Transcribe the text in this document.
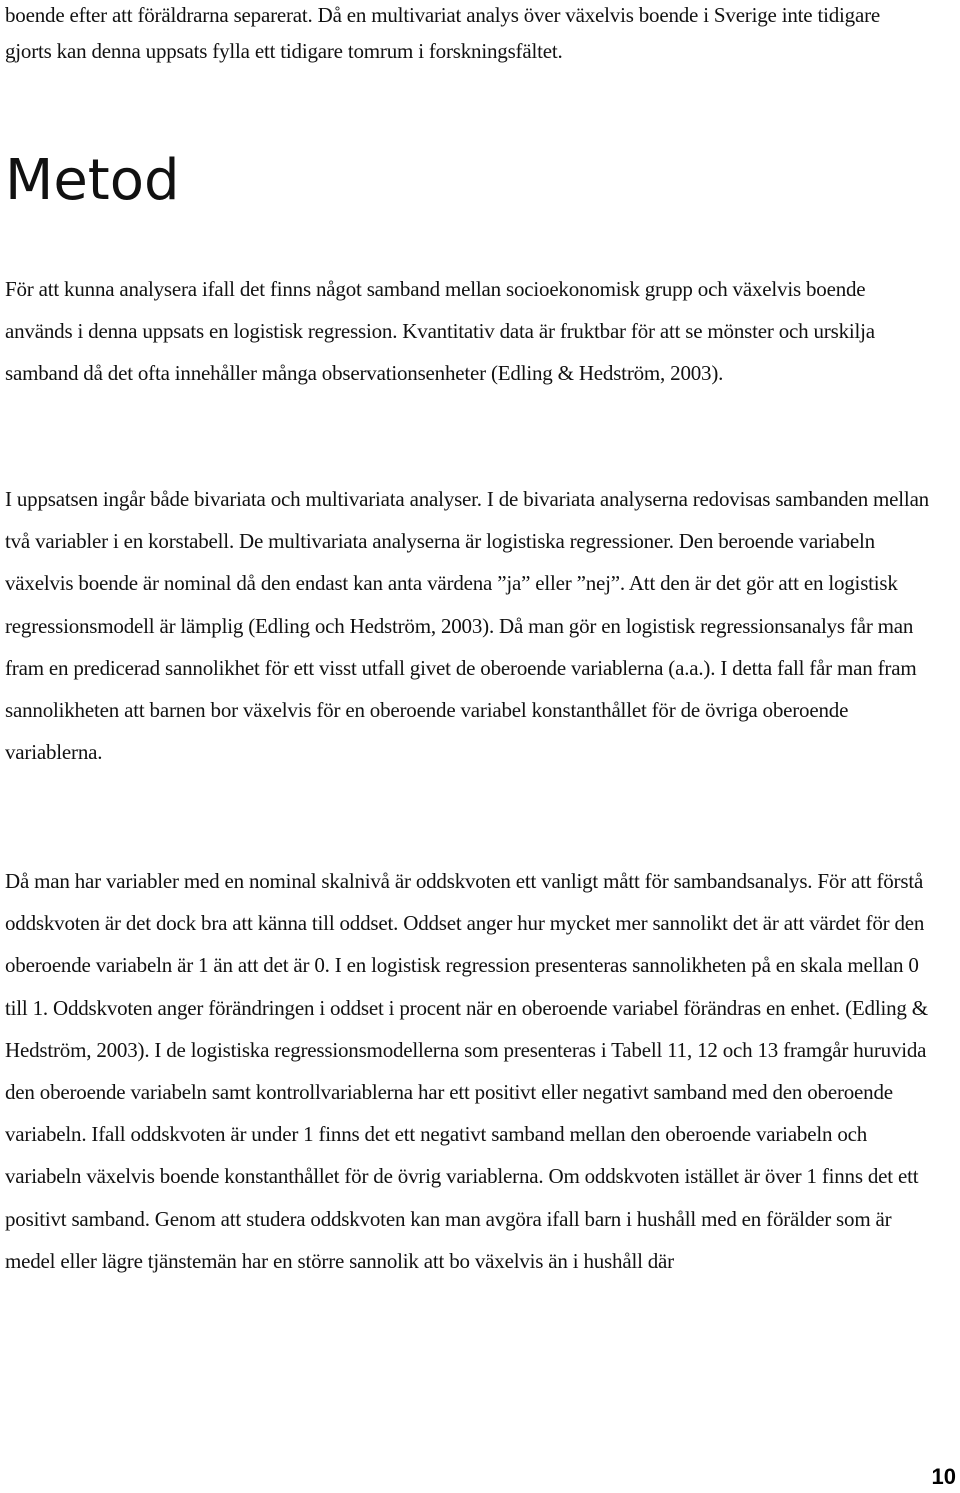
boende efter att föräldrarna separerat. Då en multivariat analys över växelvis boende i Sverige inte tidigare gjorts kan denna uppsats fylla ett tidigare tomrum i forskningsfältet.

Metod

För att kunna analysera ifall det finns något samband mellan socioekonomisk grupp och växelvis boende används i denna uppsats en logistisk regression. Kvantitativ data är fruktbar för att se mönster och urskilja samband då det ofta innehåller många observationsenheter (Edling & Hedström, 2003).

I uppsatsen ingår både bivariata och multivariata analyser. I de bivariata analyserna redovisas sambanden mellan två variabler i en korstabell. De multivariata analyserna är logistiska regressioner. Den beroende variabeln växelvis boende är nominal då den endast kan anta värdena ”ja” eller ”nej”. Att den är det gör att en logistisk regressionsmodell är lämplig (Edling och Hedström, 2003). Då man gör en logistisk regressionsanalys får man fram en predicerad sannolikhet för ett visst utfall givet de oberoende variablerna (a.a.). I detta fall får man fram sannolikheten att barnen bor växelvis för en oberoende variabel konstanthållet för de övriga oberoende variablerna.

Då man har variabler med en nominal skalnivå är oddskvoten ett vanligt mått för sambandsanalys. För att förstå oddskvoten är det dock bra att känna till oddset. Oddset anger hur mycket mer sannolikt det är att värdet för den oberoende variabeln är 1 än att det är 0. I en logistisk regression presenteras sannolikheten på en skala mellan 0 till 1. Oddskvoten anger förändringen i oddset i procent när en oberoende variabel förändras en enhet. (Edling & Hedström, 2003). I de logistiska regressionsmodellerna som presenteras i Tabell 11, 12 och 13 framgår huruvida den oberoende variabeln samt kontrollvariablerna har ett positivt eller negativt samband med den oberoende variabeln. Ifall oddskvoten är under 1 finns det ett negativt samband mellan den oberoende variabeln och variabeln växelvis boende konstanthållet för de övrig variablerna. Om oddskvoten istället är över 1 finns det ett positivt samband. Genom att studera oddskvoten kan man avgöra ifall barn i hushåll med en förälder som är medel eller lägre tjänstemän har en större sannolik att bo växelvis än i hushåll där

10
